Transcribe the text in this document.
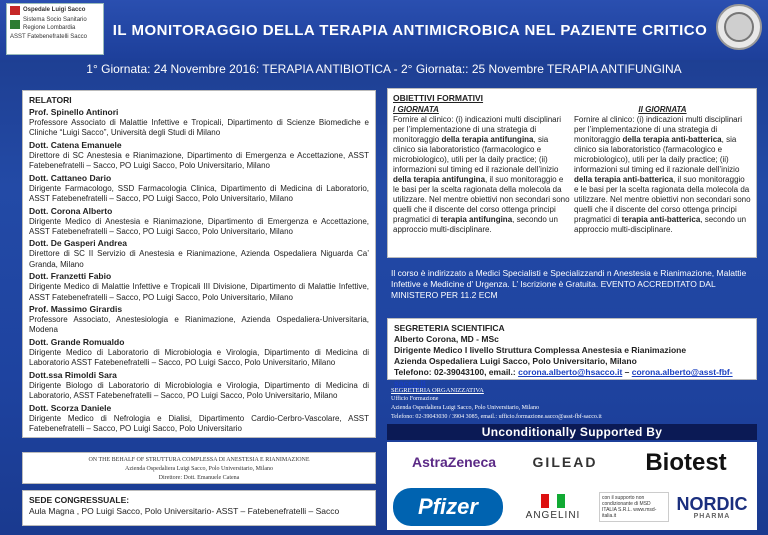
Ospedale Luigi Sacco
Sistema Socio Sanitario Regione Lombardia
ASST Fatebenefratelli Sacco IL MONITORAGGIO DELLA TERAPIA ANTIMICROBICA NEL PAZIENTE CRITICO
1° Giornata: 24 Novembre 2016: TERAPIA ANTIBIOTICA - 2° Giornata:: 25 Novembre TERAPIA ANTIFUNGINA
RELATORI
Prof. Spinello Antinori
Professore Associato di Malattie Infettive e Tropicali, Dipartimento di Scienze Biomediche e Cliniche “Luigi Sacco”, Università degli Studi di Milano
Dott. Catena Emanuele
Direttore di SC Anestesia e Rianimazione, Dipartimento di Emergenza e Accettazione, ASST Fatebenefratelli – Sacco, PO Luigi Sacco, Polo Universitario, Milano
Dott. Cattaneo Dario
Dirigente Farmacologo, SSD Farmacologia Clinica, Dipartimento di Medicina di Laboratorio, ASST Fatebenefratelli – Sacco, PO Luigi Sacco, Polo Universitario, Milano
Dott. Corona Alberto
Dirigente Medico di Anestesia e Rianimazione, Dipartimento di Emergenza e Accettazione, ASST Fatebenefratelli – Sacco, PO Luigi Sacco, Polo Universitario, Milano
Dott. De Gasperi Andrea
Direttore di SC II Servizio di Anestesia e Rianimazione, Azienda Ospedaliera Niguarda Ca’ Granda, Milano
Dott. Franzetti Fabio
Dirigente Medico di Malattie Infettive e Tropicali III Divisione, Dipartimento di Malattie Infettive, ASST Fatebenefratelli – Sacco, PO Luigi Sacco, Polo Universitario, Milano
Prof. Massimo Girardis
Professore Associato, Anestesiologia e Rianimazione, Azienda Ospedaliera-Universitaria, Modena
Dott. Grande Romualdo
Dirigente Medico di Laboratorio di Microbiologia e Virologia, Dipartimento di Medicina di Laboratorio ASST Fatebenefratelli – Sacco, PO Luigi Sacco, Polo Universitario, Milano
Dott.ssa Rimoldi Sara
Dirigente Biologo di Laboratorio di Microbiologia e Virologia, Dipartimento di Medicina di Laboratorio, ASST Fatebenefratelli – Sacco, PO Luigi Sacco, Polo Universitario, Milano
Dott. Scorza Daniele
Dirigente Medico di Nefrologia e Dialisi, Dipartimento Cardio-Cerbro-Vascolare, ASST Fatebenefratelli – Sacco, PO Luigi Sacco, Polo Universitario
ON THE BEHALF OF STRUTTURA COMPLESSA DI ANESTESIA E RIANIMAZIONE
Azienda Ospedaliera Luigi Sacco, Polo Universitario, Milano
Direttore: Dott. Emanuele Catena
SEDE CONGRESSUALE:
Aula Magna , PO Luigi Sacco, Polo Universitario- ASST – Fatebenefratelli – Sacco
OBIETTIVI FORMATIVI
I GIORNATA
Fornire al clinico: (i) indicazioni multi disciplinari per l’implementazione di una strategia di monitoraggio della terapia antifungina, sia clinico sia laboratoristico (farmacologico e microbiologico), utili per la daily practice; (ii) informazioni sul timing ed il razionale dell’inizio della terapia antifungina, il suo monitoraggio e le basi per la scelta ragionata della molecola da utilizzare. Nel mentre obiettivi non secondari sono quelli che il discente del corso ottenga principi pragmatici di terapia antifungina, secondo un approccio multi-disciplinare.
II GIORNATA
Fornire al clinico: (i) indicazioni multi disciplinari per l’implementazione di una strategia di monitoraggio della terapia anti-batterica, sia clinico sia laboratoristico (farmacologico e microbiologico), utili per la daily practice; (ii) informazioni sul timing ed il razionale dell’inizio della terapia anti-batterica, il suo monitoraggio e le basi per la scelta ragionata della molecola da utilizzare. Nel mentre obiettivi non secondari sono quelli che il discente del corso ottenga principi pragmatici di terapia anti-batterica, secondo un approccio multi-disciplinare.
Il corso è indirizzato a Medici Specialisti e Specializzandi n Anestesia e Rianimazione, Malattie Infettive e Medicine d’ Urgenza. L’ Iscrizione è Gratuita. EVENTO ACCREDITATO DAL MINISTERO PER 11.2 ECM
SEGRETERIA SCIENTIFICA
Alberto Corona, MD - MSc
Dirigente Medico I livello Struttura Complessa Anestesia e Rianimazione
Azienda Ospedaliera Luigi Sacco, Polo Universitario, Milano
Telefono: 02-39043100, email.: corona.alberto@hsacco.it – corona.alberto@asst-fbf-sacco.it
SEGRETERIA ORGANIZZATIVA
Ufficio Formazione
Azienda Ospedaliera Luigi Sacco, Polo Universitario, Milano
Telefono: 02-39043030 / 3904 3085, email.: ufficio.formazione.sacco@asst-fbf-sacco.it
Unconditionally Supported By
AstraZeneca	GILEAD	Biotest
Pfizer	ANGELINI
con il supporto non condizionante di MSD ITALIA S.R.L. www.msd-italia.it
NORDIC
PHARMA
